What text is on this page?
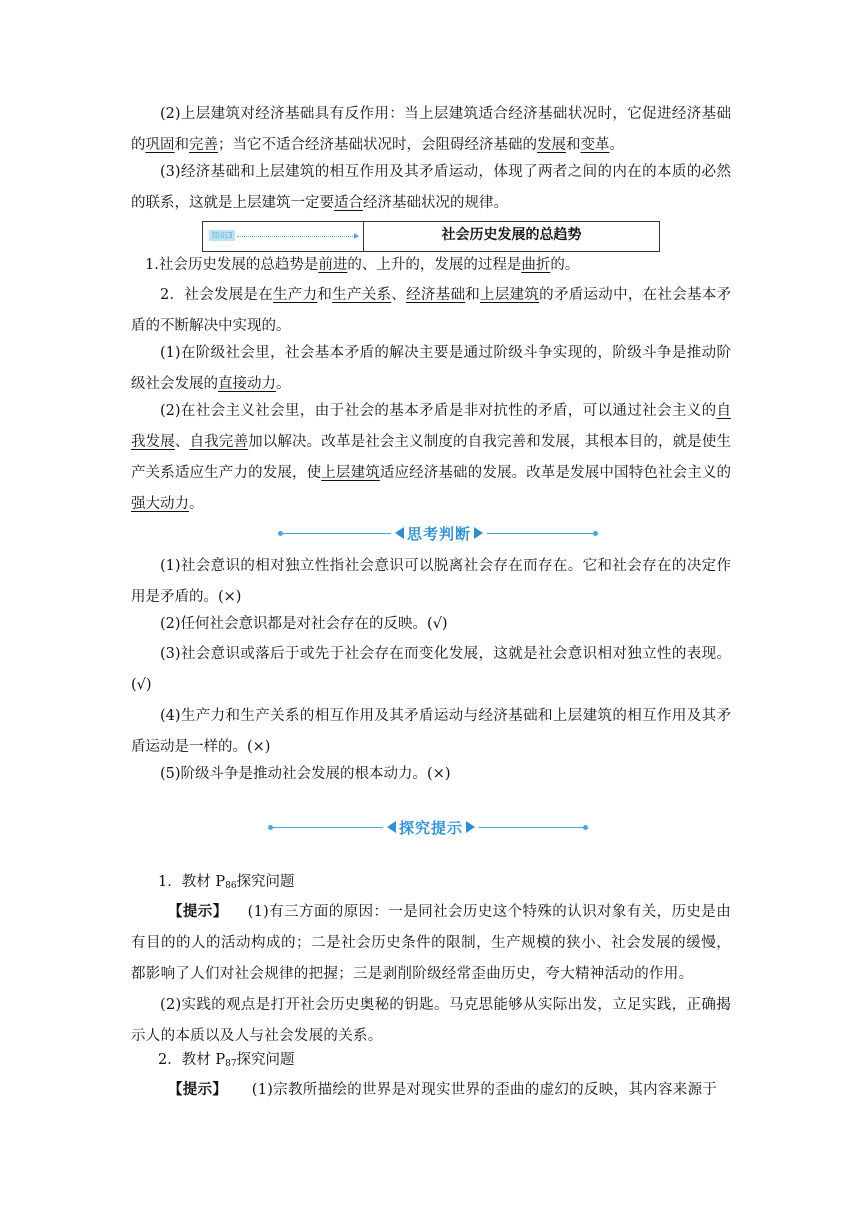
(2)上层建筑对经济基础具有反作用：当上层建筑适合经济基础状况时，它促进经济基础的巩固和完善；当它不适合经济基础状况时，会阻碍经济基础的发展和变革。

(3)经济基础和上层建筑的相互作用及其矛盾运动，体现了两者之间的内在的本质的必然的联系，这就是上层建筑一定要适合经济基础状况的规律。

知识3	社会历史发展的总趋势

1.社会历史发展的总趋势是前进的、上升的，发展的过程是曲折的。

2．社会发展是在生产力和生产关系、经济基础和上层建筑的矛盾运动中，在社会基本矛盾的不断解决中实现的。

(1)在阶级社会里，社会基本矛盾的解决主要是通过阶级斗争实现的，阶级斗争是推动阶级社会发展的直接动力。

(2)在社会主义社会里，由于社会的基本矛盾是非对抗性的矛盾，可以通过社会主义的自我发展、自我完善加以解决。改革是社会主义制度的自我完善和发展，其根本目的，就是使生产关系适应生产力的发展，使上层建筑适应经济基础的发展。改革是发展中国特色社会主义的强大动力。

思考判断

(1)社会意识的相对独立性指社会意识可以脱离社会存在而存在。它和社会存在的决定作用是矛盾的。(×)

(2)任何社会意识都是对社会存在的反映。(√)

(3)社会意识或落后于或先于社会存在而变化发展，这就是社会意识相对独立性的表现。(√)

(4)生产力和生产关系的相互作用及其矛盾运动与经济基础和上层建筑的相互作用及其矛盾运动是一样的。(×)

(5)阶级斗争是推动社会发展的根本动力。(×)

探究提示

1．教材 $P_{86}$探究问题

【提示】 (1)有三方面的原因：一是同社会历史这个特殊的认识对象有关，历史是由有目的的人的活动构成的；二是社会历史条件的限制，生产规模的狭小、社会发展的缓慢，都影响了人们对社会规律的把握；三是剥削阶级经常歪曲历史，夸大精神活动的作用。

(2)实践的观点是打开社会历史奥秘的钥匙。马克思能够从实际出发，立足实践，正确揭示人的本质以及人与社会发展的关系。

2．教材 $P_{87}$探究问题

【提示】 (1)宗教所描绘的世界是对现实世界的歪曲的虚幻的反映，其内容来源于
